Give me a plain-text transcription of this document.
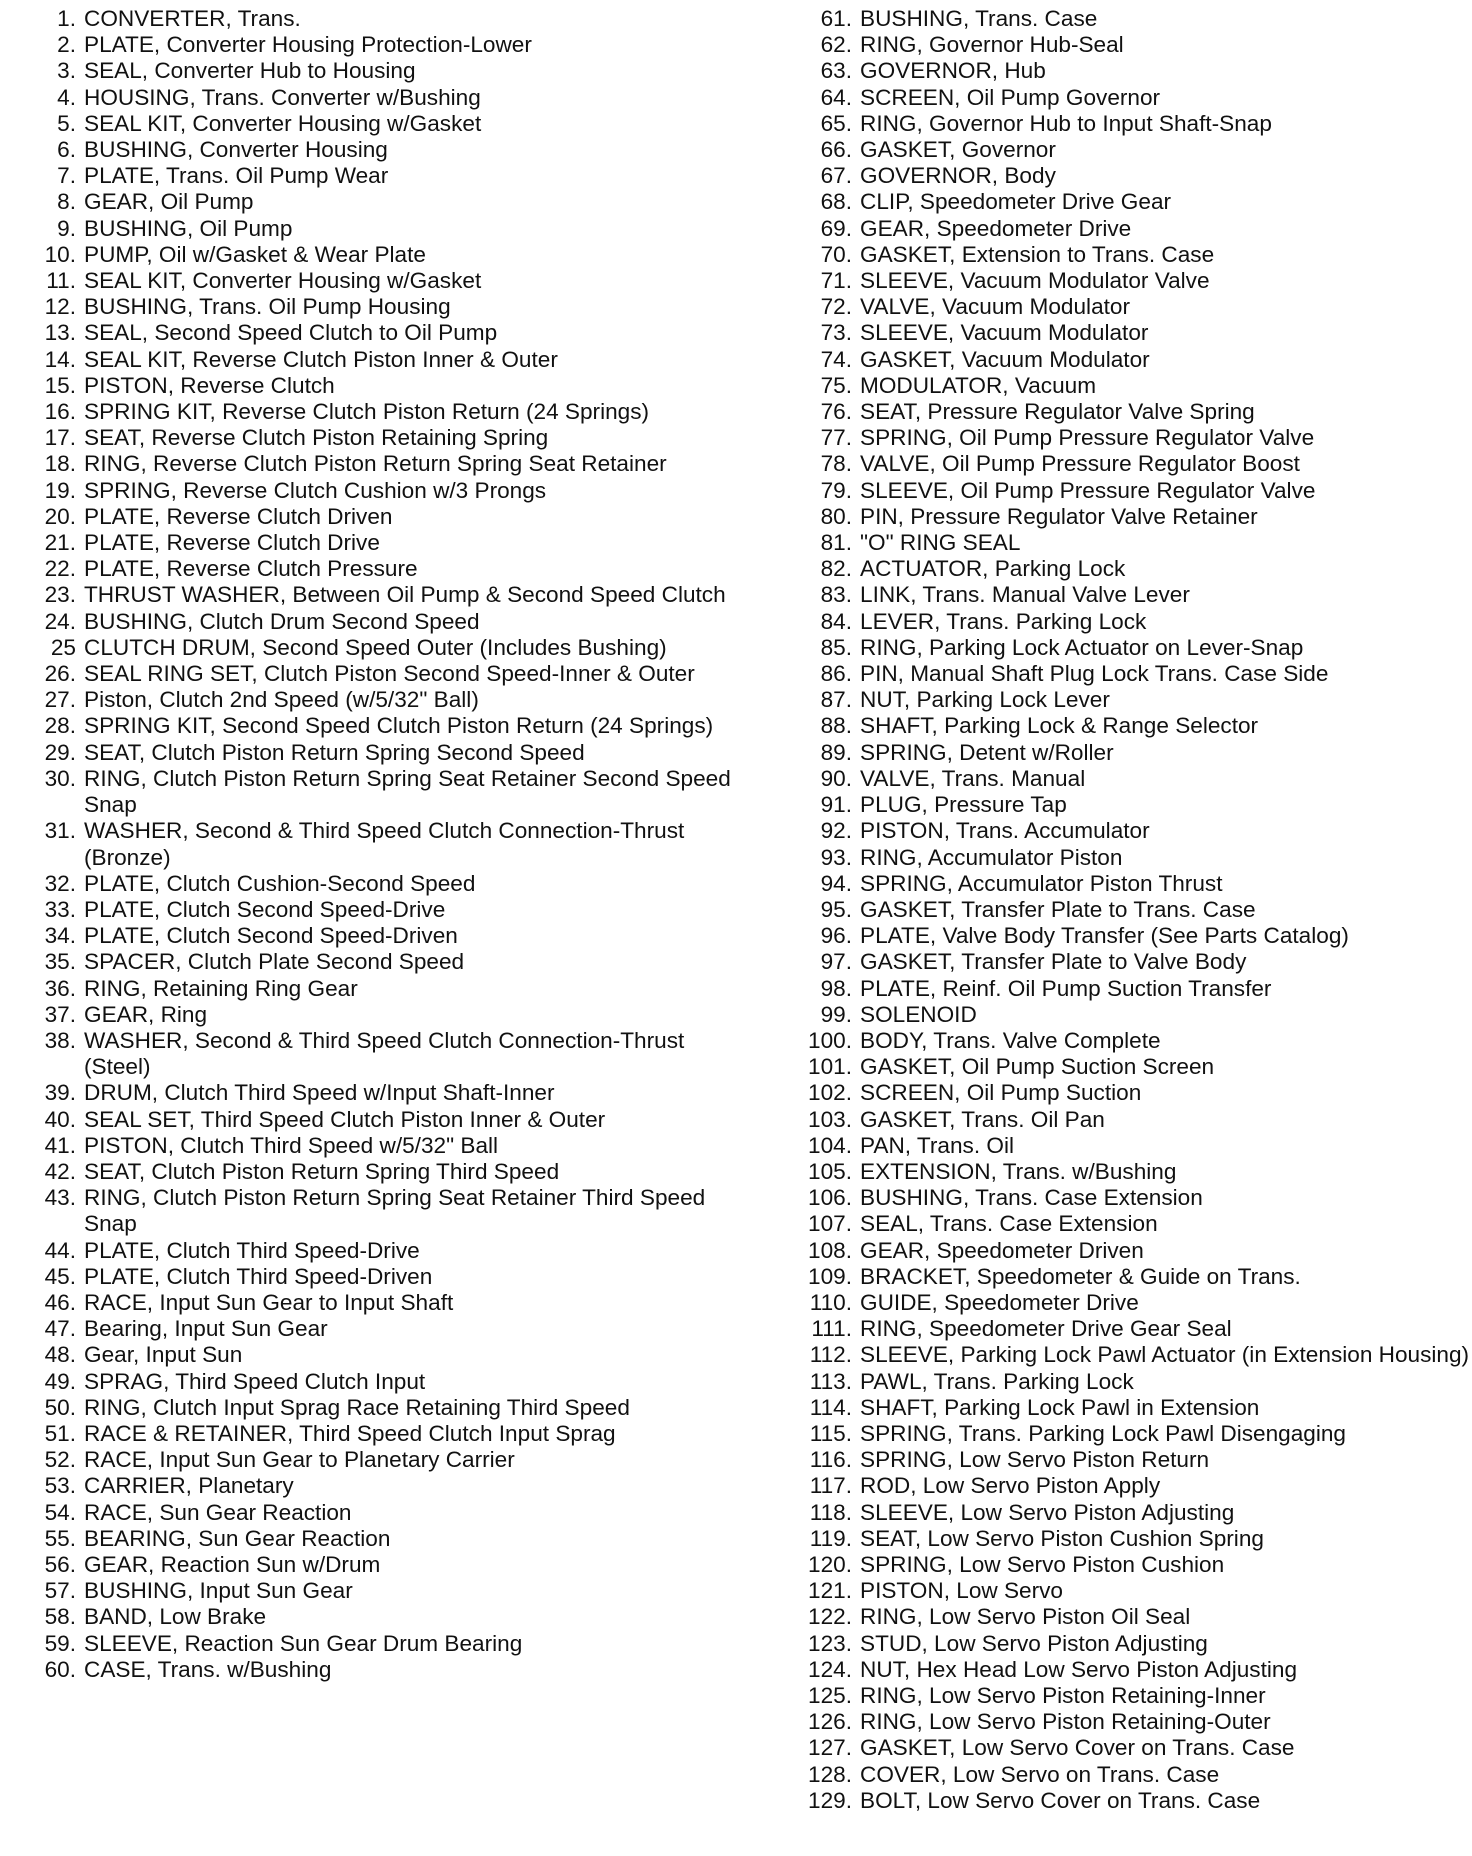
1. CONVERTER, Trans.
2. PLATE, Converter Housing Protection-Lower
3. SEAL, Converter Hub to Housing
4. HOUSING, Trans. Converter w/Bushing
5. SEAL KIT, Converter Housing w/Gasket
6. BUSHING, Converter Housing
7. PLATE, Trans. Oil Pump Wear
8. GEAR, Oil Pump
9. BUSHING, Oil Pump
10. PUMP, Oil w/Gasket & Wear Plate
11. SEAL KIT, Converter Housing w/Gasket
12. BUSHING, Trans. Oil Pump Housing
13. SEAL, Second Speed Clutch to Oil Pump
14. SEAL KIT, Reverse Clutch Piston Inner & Outer
15. PISTON, Reverse Clutch
16. SPRING KIT, Reverse Clutch Piston Return (24 Springs)
17. SEAT, Reverse Clutch Piston Retaining Spring
18. RING, Reverse Clutch Piston Return Spring Seat Retainer
19. SPRING, Reverse Clutch Cushion w/3 Prongs
20. PLATE, Reverse Clutch Driven
21. PLATE, Reverse Clutch Drive
22. PLATE, Reverse Clutch Pressure
23. THRUST WASHER, Between Oil Pump & Second Speed Clutch
24. BUSHING, Clutch Drum Second Speed
25 CLUTCH DRUM, Second Speed Outer (Includes Bushing)
26. SEAL RING SET, Clutch Piston Second Speed-Inner & Outer
27. Piston, Clutch 2nd Speed (w/5/32" Ball)
28. SPRING KIT, Second Speed Clutch Piston Return (24 Springs)
29. SEAT, Clutch Piston Return Spring Second Speed
30. RING, Clutch Piston Return Spring Seat Retainer Second Speed Snap
31. WASHER, Second & Third Speed Clutch Connection-Thrust (Bronze)
32. PLATE, Clutch Cushion-Second Speed
33. PLATE, Clutch Second Speed-Drive
34. PLATE, Clutch Second Speed-Driven
35. SPACER, Clutch Plate Second Speed
36. RING, Retaining Ring Gear
37. GEAR, Ring
38. WASHER, Second & Third Speed Clutch Connection-Thrust (Steel)
39. DRUM, Clutch Third Speed w/Input Shaft-Inner
40. SEAL SET, Third Speed Clutch Piston Inner & Outer
41. PISTON, Clutch Third Speed w/5/32" Ball
42. SEAT, Clutch Piston Return Spring Third Speed
43. RING, Clutch Piston Return Spring Seat Retainer Third Speed Snap
44. PLATE, Clutch Third Speed-Drive
45. PLATE, Clutch Third Speed-Driven
46. RACE, Input Sun Gear to Input Shaft
47. Bearing, Input Sun Gear
48. Gear, Input Sun
49. SPRAG, Third Speed Clutch Input
50. RING, Clutch Input Sprag Race Retaining Third Speed
51. RACE & RETAINER, Third Speed Clutch Input Sprag
52. RACE, Input Sun Gear to Planetary Carrier
53. CARRIER, Planetary
54. RACE, Sun Gear Reaction
55. BEARING, Sun Gear Reaction
56. GEAR, Reaction Sun w/Drum
57. BUSHING, Input Sun Gear
58. BAND, Low Brake
59. SLEEVE, Reaction Sun Gear Drum Bearing
60. CASE, Trans. w/Bushing
61. BUSHING, Trans. Case
62. RING, Governor Hub-Seal
63. GOVERNOR, Hub
64. SCREEN, Oil Pump Governor
65. RING, Governor Hub to Input Shaft-Snap
66. GASKET, Governor
67. GOVERNOR, Body
68. CLIP, Speedometer Drive Gear
69. GEAR, Speedometer Drive
70. GASKET, Extension to Trans. Case
71. SLEEVE, Vacuum Modulator Valve
72. VALVE, Vacuum Modulator
73. SLEEVE, Vacuum Modulator
74. GASKET, Vacuum Modulator
75. MODULATOR, Vacuum
76. SEAT, Pressure Regulator Valve Spring
77. SPRING, Oil Pump Pressure Regulator Valve
78. VALVE, Oil Pump Pressure Regulator Boost
79. SLEEVE, Oil Pump Pressure Regulator Valve
80. PIN, Pressure Regulator Valve Retainer
81. "O" RING SEAL
82. ACTUATOR, Parking Lock
83. LINK, Trans. Manual Valve Lever
84. LEVER, Trans. Parking Lock
85. RING, Parking Lock Actuator on Lever-Snap
86. PIN, Manual Shaft Plug Lock Trans. Case Side
87. NUT, Parking Lock Lever
88. SHAFT, Parking Lock & Range Selector
89. SPRING, Detent w/Roller
90. VALVE, Trans. Manual
91. PLUG, Pressure Tap
92. PISTON, Trans. Accumulator
93. RING, Accumulator Piston
94. SPRING, Accumulator Piston Thrust
95. GASKET, Transfer Plate to Trans. Case
96. PLATE, Valve Body Transfer (See Parts Catalog)
97. GASKET, Transfer Plate to Valve Body
98. PLATE, Reinf. Oil Pump Suction Transfer
99. SOLENOID
100. BODY, Trans. Valve Complete
101. GASKET, Oil Pump Suction Screen
102. SCREEN, Oil Pump Suction
103. GASKET, Trans. Oil Pan
104. PAN, Trans. Oil
105. EXTENSION, Trans. w/Bushing
106. BUSHING, Trans. Case Extension
107. SEAL, Trans. Case Extension
108. GEAR, Speedometer Driven
109. BRACKET, Speedometer & Guide on Trans.
110. GUIDE, Speedometer Drive
111. RING, Speedometer Drive Gear Seal
112. SLEEVE, Parking Lock Pawl Actuator (in Extension Housing)
113. PAWL, Trans. Parking Lock
114. SHAFT, Parking Lock Pawl in Extension
115. SPRING, Trans. Parking Lock Pawl Disengaging
116. SPRING, Low Servo Piston Return
117. ROD, Low Servo Piston Apply
118. SLEEVE, Low Servo Piston Adjusting
119. SEAT, Low Servo Piston Cushion Spring
120. SPRING, Low Servo Piston Cushion
121. PISTON, Low Servo
122. RING, Low Servo Piston Oil Seal
123. STUD, Low Servo Piston Adjusting
124. NUT, Hex Head Low Servo Piston Adjusting
125. RING, Low Servo Piston Retaining-Inner
126. RING, Low Servo Piston Retaining-Outer
127. GASKET, Low Servo Cover on Trans. Case
128. COVER, Low Servo on Trans. Case
129. BOLT, Low Servo Cover on Trans. Case
